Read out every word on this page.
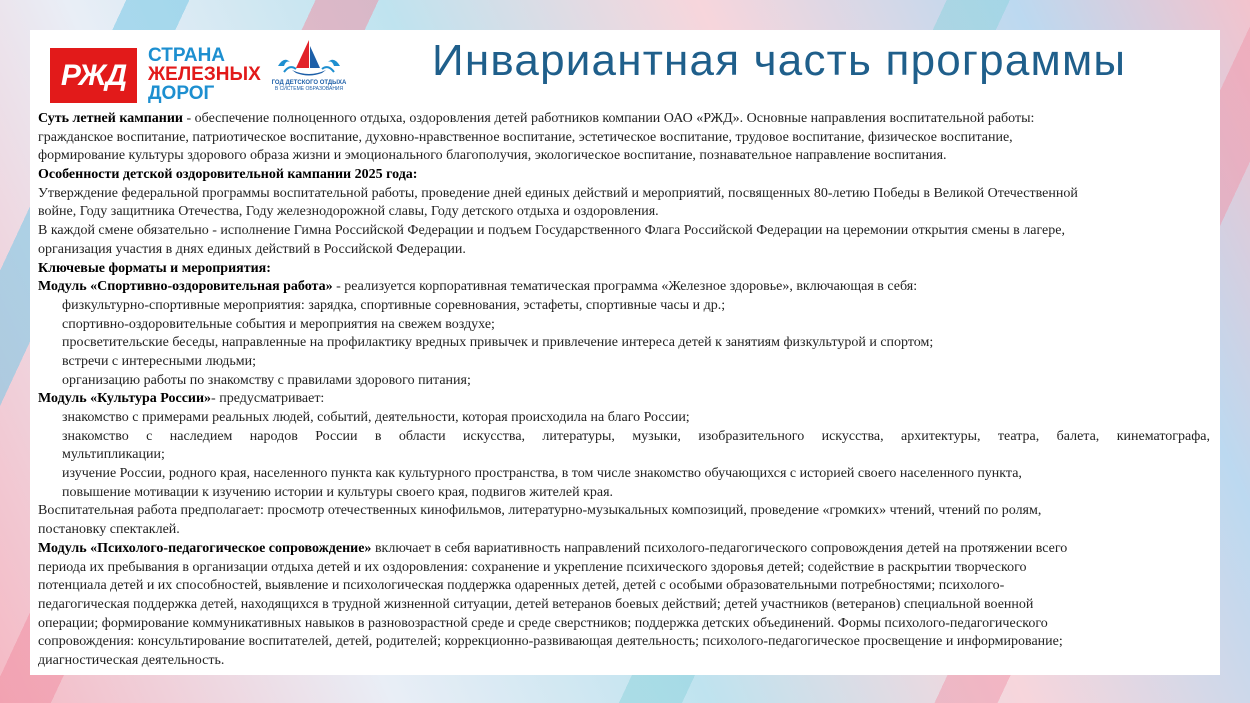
РЖД
СТРАНА
ЖЕЛЕЗНЫХ
ДОРОГ	ГОД ДЕТСКОГО ОТДЫХА
В СИСТЕМЕ ОБРАЗОВАНИЯ
Инвариантная часть программы
Суть летней кампании - обеспечение полноценного отдыха, оздоровления детей работников компании ОАО «РЖД». Основные направления воспитательной работы:
гражданское воспитание, патриотическое воспитание, духовно-нравственное воспитание, эстетическое воспитание, трудовое воспитание, физическое воспитание,
формирование культуры здорового образа жизни и эмоционального благополучия, экологическое воспитание, познавательное направление воспитания.
Особенности детской оздоровительной кампании 2025 года:
Утверждение федеральной программы воспитательной работы, проведение дней единых действий и мероприятий, посвященных 80-летию Победы в Великой Отечественной
войне, Году защитника Отечества, Году железнодорожной славы, Году детского отдыха и оздоровления.
В каждой смене обязательно - исполнение Гимна Российской Федерации и подъем Государственного Флага Российской Федерации на церемонии открытия смены в лагере,
организация участия в днях единых действий в Российской Федерации.
Ключевые форматы и мероприятия:
Модуль «Спортивно-оздоровительная работа» - реализуется корпоративная тематическая программа «Железное здоровье», включающая в себя:
физкультурно-спортивные мероприятия: зарядка, спортивные соревнования, эстафеты, спортивные часы и др.;
спортивно-оздоровительные события и мероприятия на свежем воздухе;
просветительские беседы, направленные на профилактику вредных привычек и привлечение интереса детей к занятиям физкультурой и спортом;
встречи с интересными людьми;
организацию работы по знакомству с правилами здорового питания;
Модуль «Культура России»- предусматривает:
знакомство с примерами реальных людей, событий, деятельности, которая происходила на благо России;
знакомство с наследием народов России в области искусства, литературы, музыки, изобразительного искусства, архитектуры, театра, балета, кинематографа,
мультипликации;
изучение России, родного края, населенного пункта как культурного пространства, в том числе знакомство обучающихся с историей своего населенного пункта,
повышение мотивации к изучению истории и культуры своего края, подвигов жителей края.
Воспитательная работа предполагает: просмотр отечественных кинофильмов, литературно-музыкальных композиций, проведение «громких» чтений, чтений по ролям,
постановку спектаклей.
Модуль «Психолого-педагогическое сопровождение» включает в себя вариативность направлений психолого-педагогического сопровождения детей на протяжении всего
периода их пребывания в организации отдыха детей и их оздоровления: сохранение и укрепление психического здоровья детей; содействие в раскрытии творческого
потенциала детей и их способностей, выявление и психологическая поддержка одаренных детей, детей с особыми образовательными потребностями; психолого-
педагогическая поддержка детей, находящихся в трудной жизненной ситуации, детей ветеранов боевых действий; детей участников (ветеранов) специальной военной
операции; формирование коммуникативных навыков в разновозрастной среде и среде сверстников; поддержка детских объединений. Формы психолого-педагогического
сопровождения: консультирование воспитателей, детей, родителей; коррекционно-развивающая деятельность; психолого-педагогическое просвещение и информирование;
диагностическая деятельность.
